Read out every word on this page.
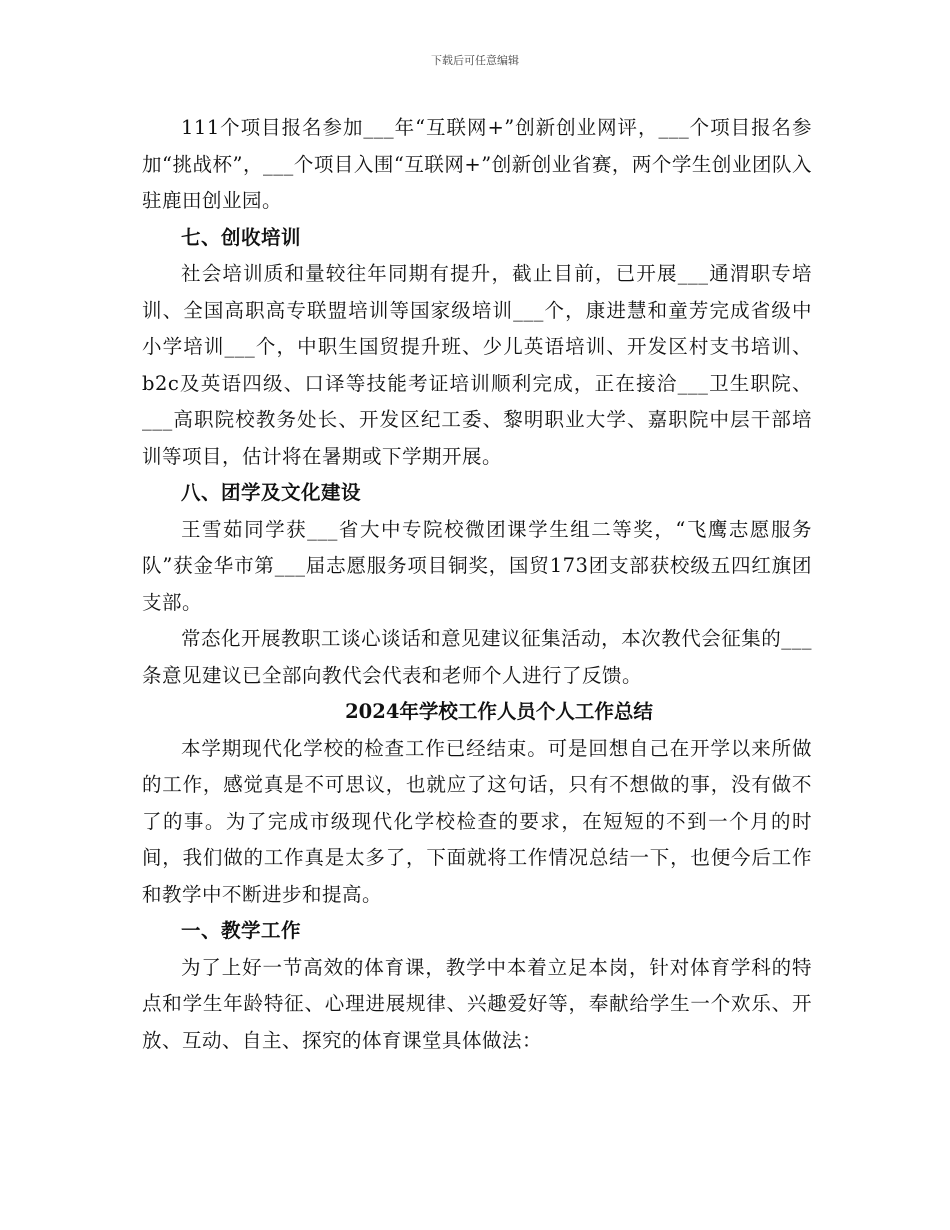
下载后可任意编辑

111个项目报名参加___年“互联网+”创新创业网评，___个项目报名参加“挑战杯”，___个项目入围“互联网+”创新创业省赛，两个学生创业团队入驻鹿田创业园。

七、创收培训

社会培训质和量较往年同期有提升，截止目前，已开展___通渭职专培训、全国高职高专联盟培训等国家级培训___个，康进慧和童芳完成省级中小学培训___个，中职生国贸提升班、少儿英语培训、开发区村支书培训、b2c及英语四级、口译等技能考证培训顺利完成，正在接洽___卫生职院、___高职院校教务处长、开发区纪工委、黎明职业大学、嘉职院中层干部培训等项目，估计将在暑期或下学期开展。

八、团学及文化建设

王雪茹同学获___省大中专院校微团课学生组二等奖，“飞鹰志愿服务队”获金华市第___届志愿服务项目铜奖，国贸173团支部获校级五四红旗团支部。

常态化开展教职工谈心谈话和意见建议征集活动，本次教代会征集的___条意见建议已全部向教代会代表和老师个人进行了反馈。

2024年学校工作人员个人工作总结

本学期现代化学校的检查工作已经结束。可是回想自己在开学以来所做的工作，感觉真是不可思议，也就应了这句话，只有不想做的事，没有做不了的事。为了完成市级现代化学校检查的要求，在短短的不到一个月的时间，我们做的工作真是太多了，下面就将工作情况总结一下，也便今后工作和教学中不断进步和提高。

一、教学工作

为了上好一节高效的体育课，教学中本着立足本岗，针对体育学科的特点和学生年龄特征、心理进展规律、兴趣爱好等，奉献给学生一个欢乐、开放、互动、自主、探究的体育课堂具体做法：
